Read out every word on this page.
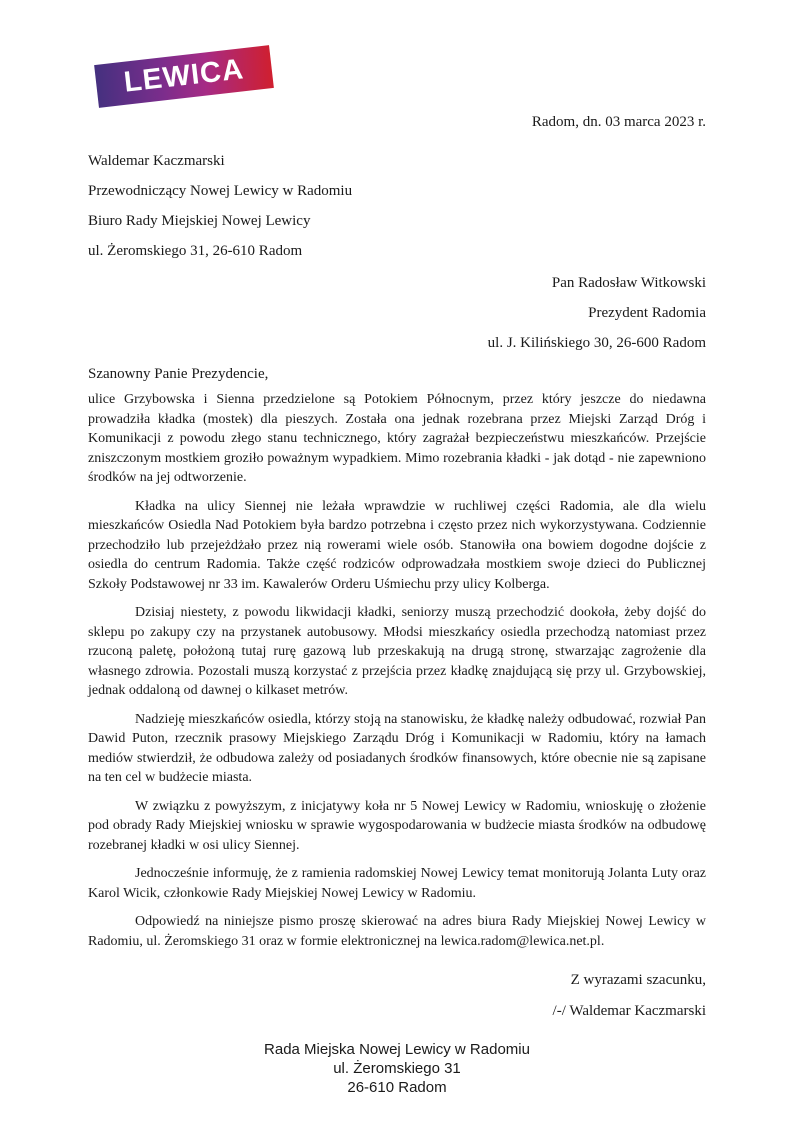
LEWICA
Radom, dn. 03 marca 2023 r.
Waldemar Kaczmarski
Przewodniczący Nowej Lewicy w Radomiu
Biuro Rady Miejskiej Nowej Lewicy
ul. Żeromskiego 31, 26-610 Radom
Pan Radosław Witkowski
Prezydent Radomia
ul. J. Kilińskiego 30, 26-600 Radom
Szanowny Panie Prezydencie,

ulice Grzybowska i Sienna przedzielone są Potokiem Północnym, przez który jeszcze do niedawna prowadziła kładka (mostek) dla pieszych. Została ona jednak rozebrana przez Miejski Zarząd Dróg i Komunikacji z powodu złego stanu technicznego, który zagrażał bezpieczeństwu mieszkańców. Przejście zniszczonym mostkiem groziło poważnym wypadkiem. Mimo rozebrania kładki - jak dotąd - nie zapewniono środków na jej odtworzenie.

Kładka na ulicy Siennej nie leżała wprawdzie w ruchliwej części Radomia, ale dla wielu mieszkańców Osiedla Nad Potokiem była bardzo potrzebna i często przez nich wykorzystywana. Codziennie przechodziło lub przejeżdżało przez nią rowerami wiele osób. Stanowiła ona bowiem dogodne dojście z osiedla do centrum Radomia. Także część rodziców odprowadzała mostkiem swoje dzieci do Publicznej Szkoły Podstawowej nr 33 im. Kawalerów Orderu Uśmiechu przy ulicy Kolberga.

Dzisiaj niestety, z powodu likwidacji kładki, seniorzy muszą przechodzić dookoła, żeby dojść do sklepu po zakupy czy na przystanek autobusowy. Młodsi mieszkańcy osiedla przechodzą natomiast przez rzuconą paletę, położoną tutaj rurę gazową lub przeskakują na drugą stronę, stwarzając zagrożenie dla własnego zdrowia. Pozostali muszą korzystać z przejścia przez kładkę znajdującą się przy ul. Grzybowskiej, jednak oddaloną od dawnej o kilkaset metrów.

Nadzieję mieszkańców osiedla, którzy stoją na stanowisku, że kładkę należy odbudować, rozwiał Pan Dawid Puton, rzecznik prasowy Miejskiego Zarządu Dróg i Komunikacji w Radomiu, który na łamach mediów stwierdził, że odbudowa zależy od posiadanych środków finansowych, które obecnie nie są zapisane na ten cel w budżecie miasta.

W związku z powyższym, z inicjatywy koła nr 5 Nowej Lewicy w Radomiu, wnioskuję o złożenie pod obrady Rady Miejskiej wniosku w sprawie wygospodarowania w budżecie miasta środków na odbudowę rozebranej kładki w osi ulicy Siennej.

Jednocześnie informuję, że z ramienia radomskiej Nowej Lewicy temat monitorują Jolanta Luty oraz Karol Wicik, członkowie Rady Miejskiej Nowej Lewicy w Radomiu.

Odpowiedź na niniejsze pismo proszę skierować na adres biura Rady Miejskiej Nowej Lewicy w Radomiu, ul. Żeromskiego 31 oraz w formie elektronicznej na lewica.radom@lewica.net.pl.

Z wyrazami szacunku,
/-/ Waldemar Kaczmarski
Rada Miejska Nowej Lewicy w Radomiu
ul. Żeromskiego 31
26-610 Radom
